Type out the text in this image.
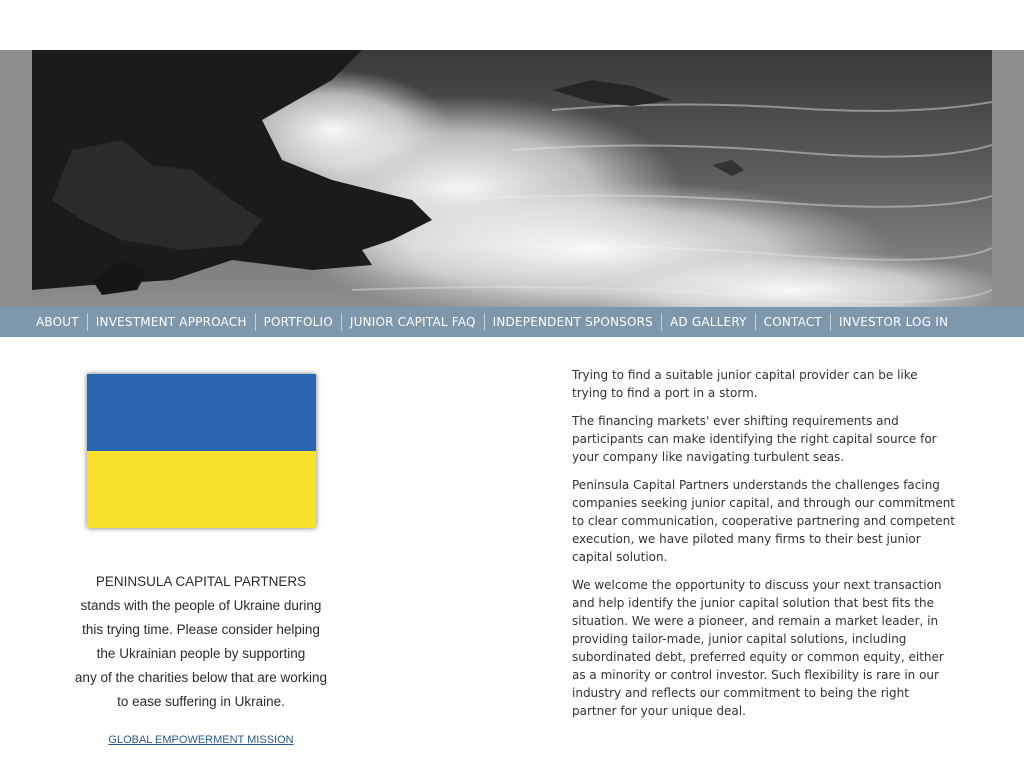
ABOUT	INVESTMENT APPROACH	PORTFOLIO	JUNIOR CAPITAL FAQ	INDEPENDENT SPONSORS	AD GALLERY	CONTACT	INVESTOR LOG IN
PENINSULA CAPITAL PARTNERS
stands with the people of Ukraine during
this trying time. Please consider helping
the Ukrainian people by supporting
any of the charities below that are working
to ease suffering in Ukraine.
GLOBAL EMPOWERMENT MISSION

Trying to find a suitable junior capital provider can be like trying to find a port in a storm.

The financing markets' ever shifting requirements and participants can make identifying the right capital source for your company like navigating turbulent seas.

Peninsula Capital Partners understands the challenges facing companies seeking junior capital, and through our commitment to clear communication, cooperative partnering and competent execution, we have piloted many firms to their best junior capital solution.

We welcome the opportunity to discuss your next transaction and help identify the junior capital solution that best fits the situation. We were a pioneer, and remain a market leader, in providing tailor-made, junior capital solutions, including subordinated debt, preferred equity or common equity, either as a minority or control investor. Such flexibility is rare in our industry and reflects our commitment to being the right partner for your unique deal.
